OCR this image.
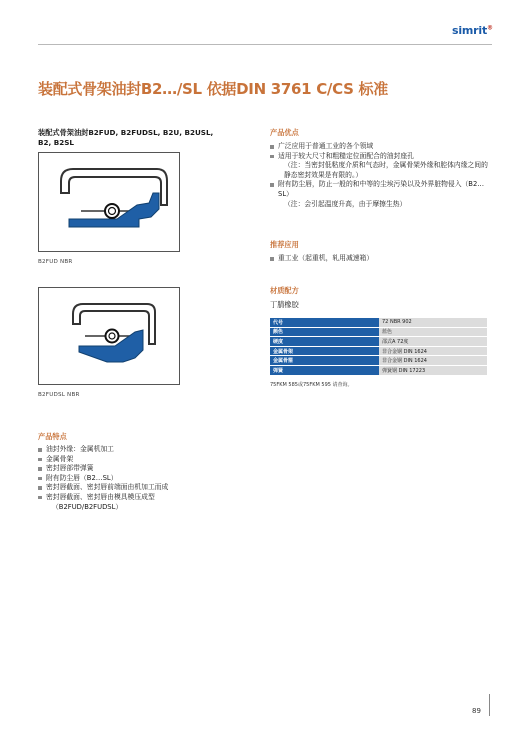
simrit®
装配式骨架油封B2…/SL 依据DIN 3761 C/CS 标准
装配式骨架油封B2FUD, B2FUDSL, B2U, B2USL, B2, B2SL
B2FUD NBR
B2FUDSL NBR
产品特点
油封外缘：金属机加工
金属骨架
密封唇部带弹簧
附有防尘唇（B2…SL）
密封唇截面、密封唇前端面由机加工而成
密封唇截面、密封唇由模具模压成型
（B2FUD/B2FUDSL）
产品优点
广泛应用于普通工业的各个领域
适用于较大尺寸和粗糙定位面配合的油封座孔
（注：当密封低粘度介质和气态时，金属骨架外缘和腔体内缘之间的静态密封效果是有限的。）
附有防尘唇，防止一般的和中等的尘埃污染以及外界脏物侵入（B2…SL）
（注：会引起温度升高，由于摩擦生热）
推荐应用
重工业（起重机，轧用减速箱）
材质配方
丁腈橡胶
代号	72 NBR 902
颜色	蓝色
硬度	邵式A 72度
金属骨架	非合金钢 DIN 1624
金属骨箍	非合金钢 DIN 1624
弹簧	弹簧钢 DIN 17223
75FKM 585或75FKM 595 请查询。
89
